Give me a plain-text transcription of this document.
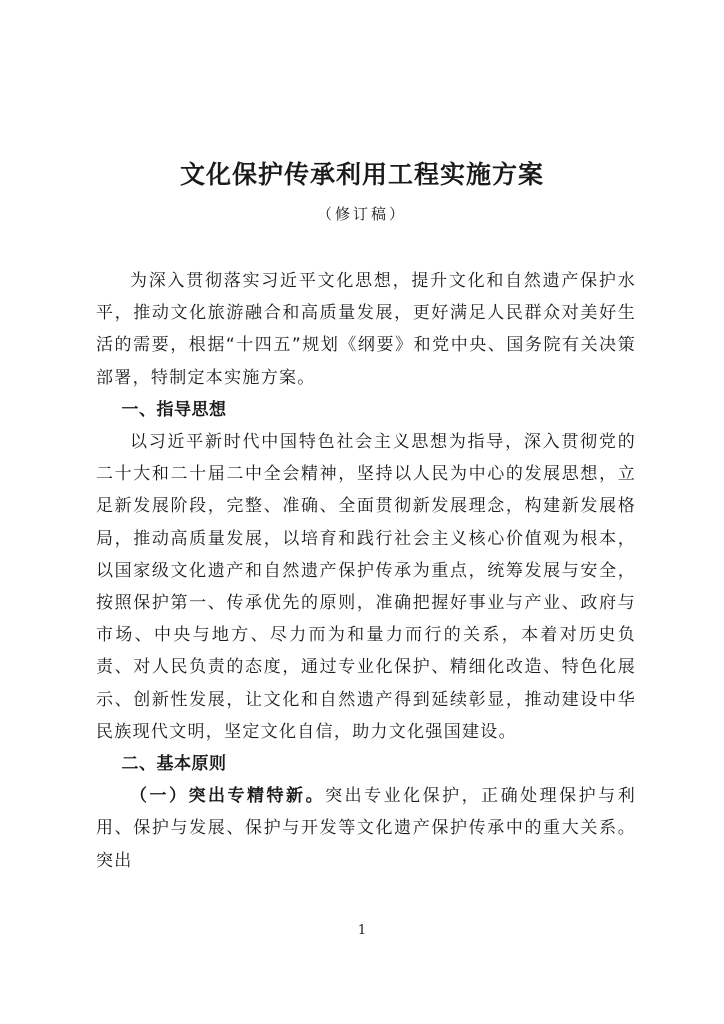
文化保护传承利用工程实施方案
（修订稿）

为深入贯彻落实习近平文化思想，提升文化和自然遗产保护水平，推动文化旅游融合和高质量发展，更好满足人民群众对美好生活的需要，根据“十四五”规划《纲要》和党中央、国务院有关决策部署，特制定本实施方案。

一、指导思想

以习近平新时代中国特色社会主义思想为指导，深入贯彻党的二十大和二十届二中全会精神，坚持以人民为中心的发展思想，立足新发展阶段，完整、准确、全面贯彻新发展理念，构建新发展格局，推动高质量发展，以培育和践行社会主义核心价值观为根本，以国家级文化遗产和自然遗产保护传承为重点，统筹发展与安全，按照保护第一、传承优先的原则，准确把握好事业与产业、政府与市场、中央与地方、尽力而为和量力而行的关系，本着对历史负责、对人民负责的态度，通过专业化保护、精细化改造、特色化展示、创新性发展，让文化和自然遗产得到延续彰显，推动建设中华民族现代文明，坚定文化自信，助力文化强国建设。

二、基本原则

（一）突出专精特新。突出专业化保护，正确处理保护与利用、保护与发展、保护与开发等文化遗产保护传承中的重大关系。突出

1
